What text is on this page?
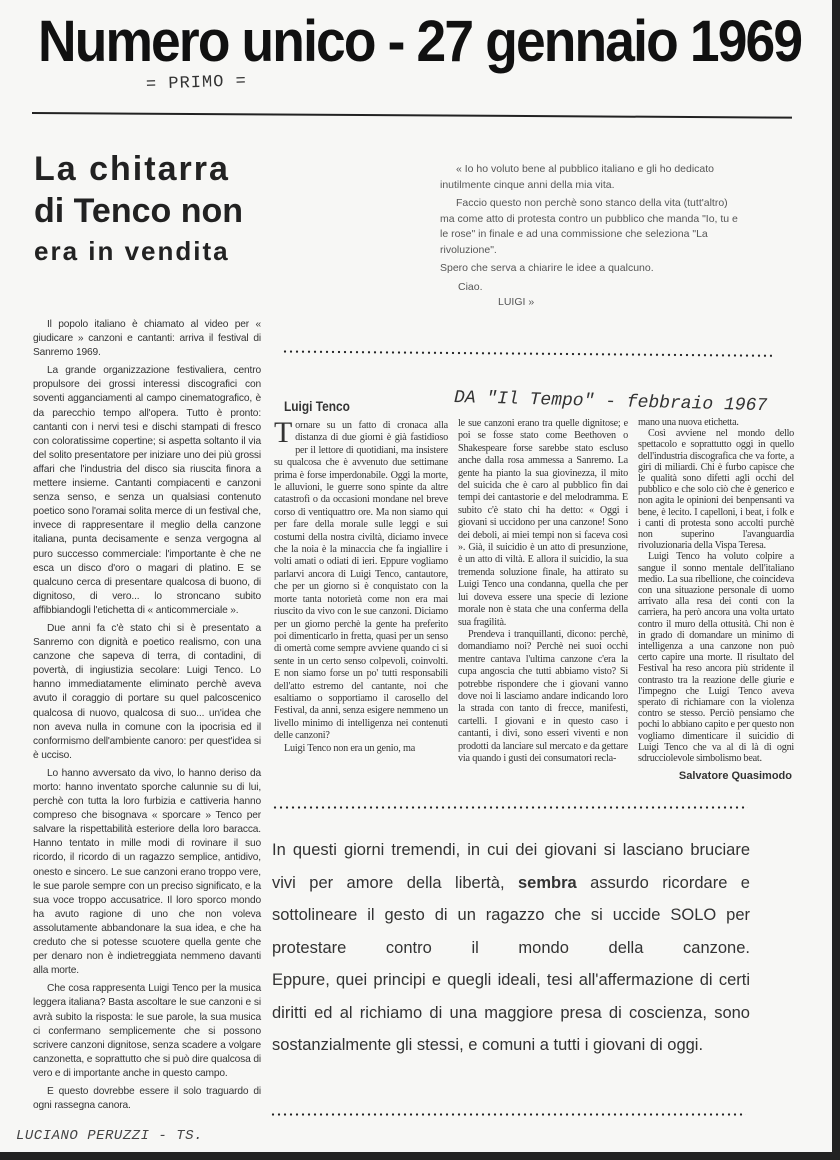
Numero unico - 27 gennaio 1969
= PRIMO =
La chitarra
di Tenco non
era in vendita

« Io ho voluto bene al pubblico italiano e gli ho dedicato inutilmente cinque anni della mia vita.

Faccio questo non perchè sono stanco della vita (tutt'altro) ma come atto di protesta contro un pubblico che manda "Io, tu e le rose" in finale e ad una commissione che seleziona "La rivoluzione".

Spero che serva a chiarire le idee a qualcuno.

Ciao.

LUIGI »

Il popolo italiano è chiamato al video per « giudicare » canzoni e cantanti: arriva il festival di Sanremo 1969.

La grande organizzazione festivaliera, centro propulsore dei grossi interessi discografici con soventi agganciamenti al campo cinematografico, è da parecchio tempo all'opera. Tutto è pronto: cantanti con i nervi tesi e dischi stampati di fresco con coloratissime copertine; si aspetta soltanto il via del solito presentatore per iniziare uno dei più grossi affari che l'industria del disco sia riuscita finora a mettere insieme. Cantanti compiacenti e canzoni senza senso, e senza un qualsiasi contenuto poetico sono l'oramai solita merce di un festival che, invece di rappresentare il meglio della canzone italiana, punta decisamente e senza vergogna al puro successo commerciale: l'importante è che ne esca un disco d'oro o magari di platino. E se qualcuno cerca di presentare qualcosa di buono, di dignitoso, di vero... lo stroncano subito affibbiandogli l'etichetta di « anticommerciale ».

Due anni fa c'è stato chi si è presentato a Sanremo con dignità e poetico realismo, con una canzone che sapeva di terra, di contadini, di povertà, di ingiustizia secolare: Luigi Tenco. Lo hanno immediatamente eliminato perchè aveva avuto il coraggio di portare su quel palcoscenico qualcosa di nuovo, qualcosa di suo... un'idea che non aveva nulla in comune con la ipocrisia ed il conformismo dell'ambiente canoro: per quest'idea si è ucciso.

Lo hanno avversato da vivo, lo hanno deriso da morto: hanno inventato sporche calunnie su di lui, perchè con tutta la loro furbizia e cattiveria hanno compreso che bisognava « sporcare » Tenco per salvare la rispettabilità esteriore della loro baracca. Hanno tentato in mille modi di rovinare il suo ricordo, il ricordo di un ragazzo semplice, antidivo, onesto e sincero. Le sue canzoni erano troppo vere, le sue parole sempre con un preciso significato, e la sua voce troppo accusatrice. Il loro sporco mondo ha avuto ragione di uno che non voleva assolutamente abbandonare la sua idea, e che ha creduto che si potesse scuotere quella gente che per denaro non è indietreggiata nemmeno davanti alla morte.

Che cosa rappresenta Luigi Tenco per la musica leggera italiana? Basta ascoltare le sue canzoni e si avrà subito la risposta: le sue parole, la sua musica ci confermano semplicemente che si possono scrivere canzoni dignitose, senza scadere a volgare canzonetta, e soprattutto che si può dire qualcosa di vero e di importante anche in questo campo.

E questo dovrebbe essere il solo traguardo di ogni rassegna canora.

LUCIANO PERUZZI - TS.
Luigi Tenco	DA "Il Tempo" - febbraio 1967

Tornare su un fatto di cronaca alla distanza di due giorni è già fastidioso per il lettore di quotidiani, ma insistere su qualcosa che è avvenuto due settimane prima è forse imperdonabile. Oggi la morte, le alluvioni, le guerre sono spinte da altre catastrofi o da occasioni mondane nel breve corso di ventiquattro ore. Ma non siamo qui per fare della morale sulle leggi e sui costumi della nostra civiltà, diciamo invece che la noia è la minaccia che fa ingiallire i volti amati o odiati di ieri. Eppure vogliamo parlarvi ancora di Luigi Tenco, cantautore, che per un giorno si è conquistato con la morte tanta notorietà come non era mai riuscito da vivo con le sue canzoni. Diciamo per un giorno perchè la gente ha preferito poi dimenticarlo in fretta, quasi per un senso di omertà come sempre avviene quando ci si sente in un certo senso colpevoli, coinvolti. E non siamo forse un po' tutti responsabili dell'atto estremo del cantante, noi che esaltiamo o sopportiamo il carosello del Festival, da anni, senza esigere nemmeno un livello minimo di intelligenza nei contenuti delle canzoni?

Luigi Tenco non era un genio, ma

le sue canzoni erano tra quelle dignitose; e poi se fosse stato come Beethoven o Shakespeare forse sarebbe stato escluso anche dalla rosa ammessa a Sanremo. La gente ha pianto la sua giovinezza, il mito del suicida che è caro al pubblico fin dai tempi dei cantastorie e del melodramma. E subito c'è stato chi ha detto: « Oggi i giovani si uccidono per una canzone! Sono dei deboli, ai miei tempi non si faceva così ». Già, il suicidio è un atto di presunzione, è un atto di viltà. E allora il suicidio, la sua tremenda soluzione finale, ha attirato su Luigi Tenco una condanna, quella che per lui doveva essere una specie di lezione morale non è stata che una conferma della sua fragilità.

Prendeva i tranquillanti, dicono: perchè, domandiamo noi? Perchè nei suoi occhi mentre cantava l'ultima canzone c'era la cupa angoscia che tutti abbiamo visto? Si potrebbe rispondere che i giovani vanno dove noi li lasciamo andare indicando loro la strada con tanto di frecce, manifesti, cartelli. I giovani e in questo caso i cantanti, i divi, sono esseri viventi e non prodotti da lanciare sul mercato e da gettare via quando i gusti dei consumatori recla-

mano una nuova etichetta.

Così avviene nel mondo dello spettacolo e soprattutto oggi in quello dell'industria discografica che va forte, a giri di miliardi. Chi è furbo capisce che le qualità sono difetti agli occhi del pubblico e che solo ciò che è generico e non agita le opinioni dei benpensanti va bene, è lecito. I capelloni, i beat, i folk e i canti di protesta sono accolti purchè non superino l'avanguardia rivoluzionaria della Vispa Teresa.

Luigi Tenco ha voluto colpire a sangue il sonno mentale dell'italiano medio. La sua ribellione, che coincideva con una situazione personale di uomo arrivato alla resa dei conti con la carriera, ha però ancora una volta urtato contro il muro della ottusità. Chi non è in grado di domandare un minimo di intelligenza a una canzone non può certo capire una morte. Il risultato del Festival ha reso ancora più stridente il contrasto tra la reazione delle giurie e l'impegno che Luigi Tenco aveva sperato di richiamare con la violenza contro se stesso. Perciò pensiamo che pochi lo abbiano capito e per questo non vogliamo dimenticare il suicidio di Luigi Tenco che va al di là di ogni sdrucciolevole simbolismo beat.

Salvatore Quasimodo

In questi giorni tremendi, in cui dei giovani si lasciano bruciare vivi per amore della libertà, sembra assurdo ricordare e sottolineare il gesto di un ragazzo che si uccide SOLO per protestare contro il mondo della canzone.

Eppure, quei principi e quegli ideali, tesi all'affermazione di certi diritti ed al richiamo di una maggiore presa di coscienza, sono sostanzialmente gli stessi, e comuni a tutti i giovani di oggi.
